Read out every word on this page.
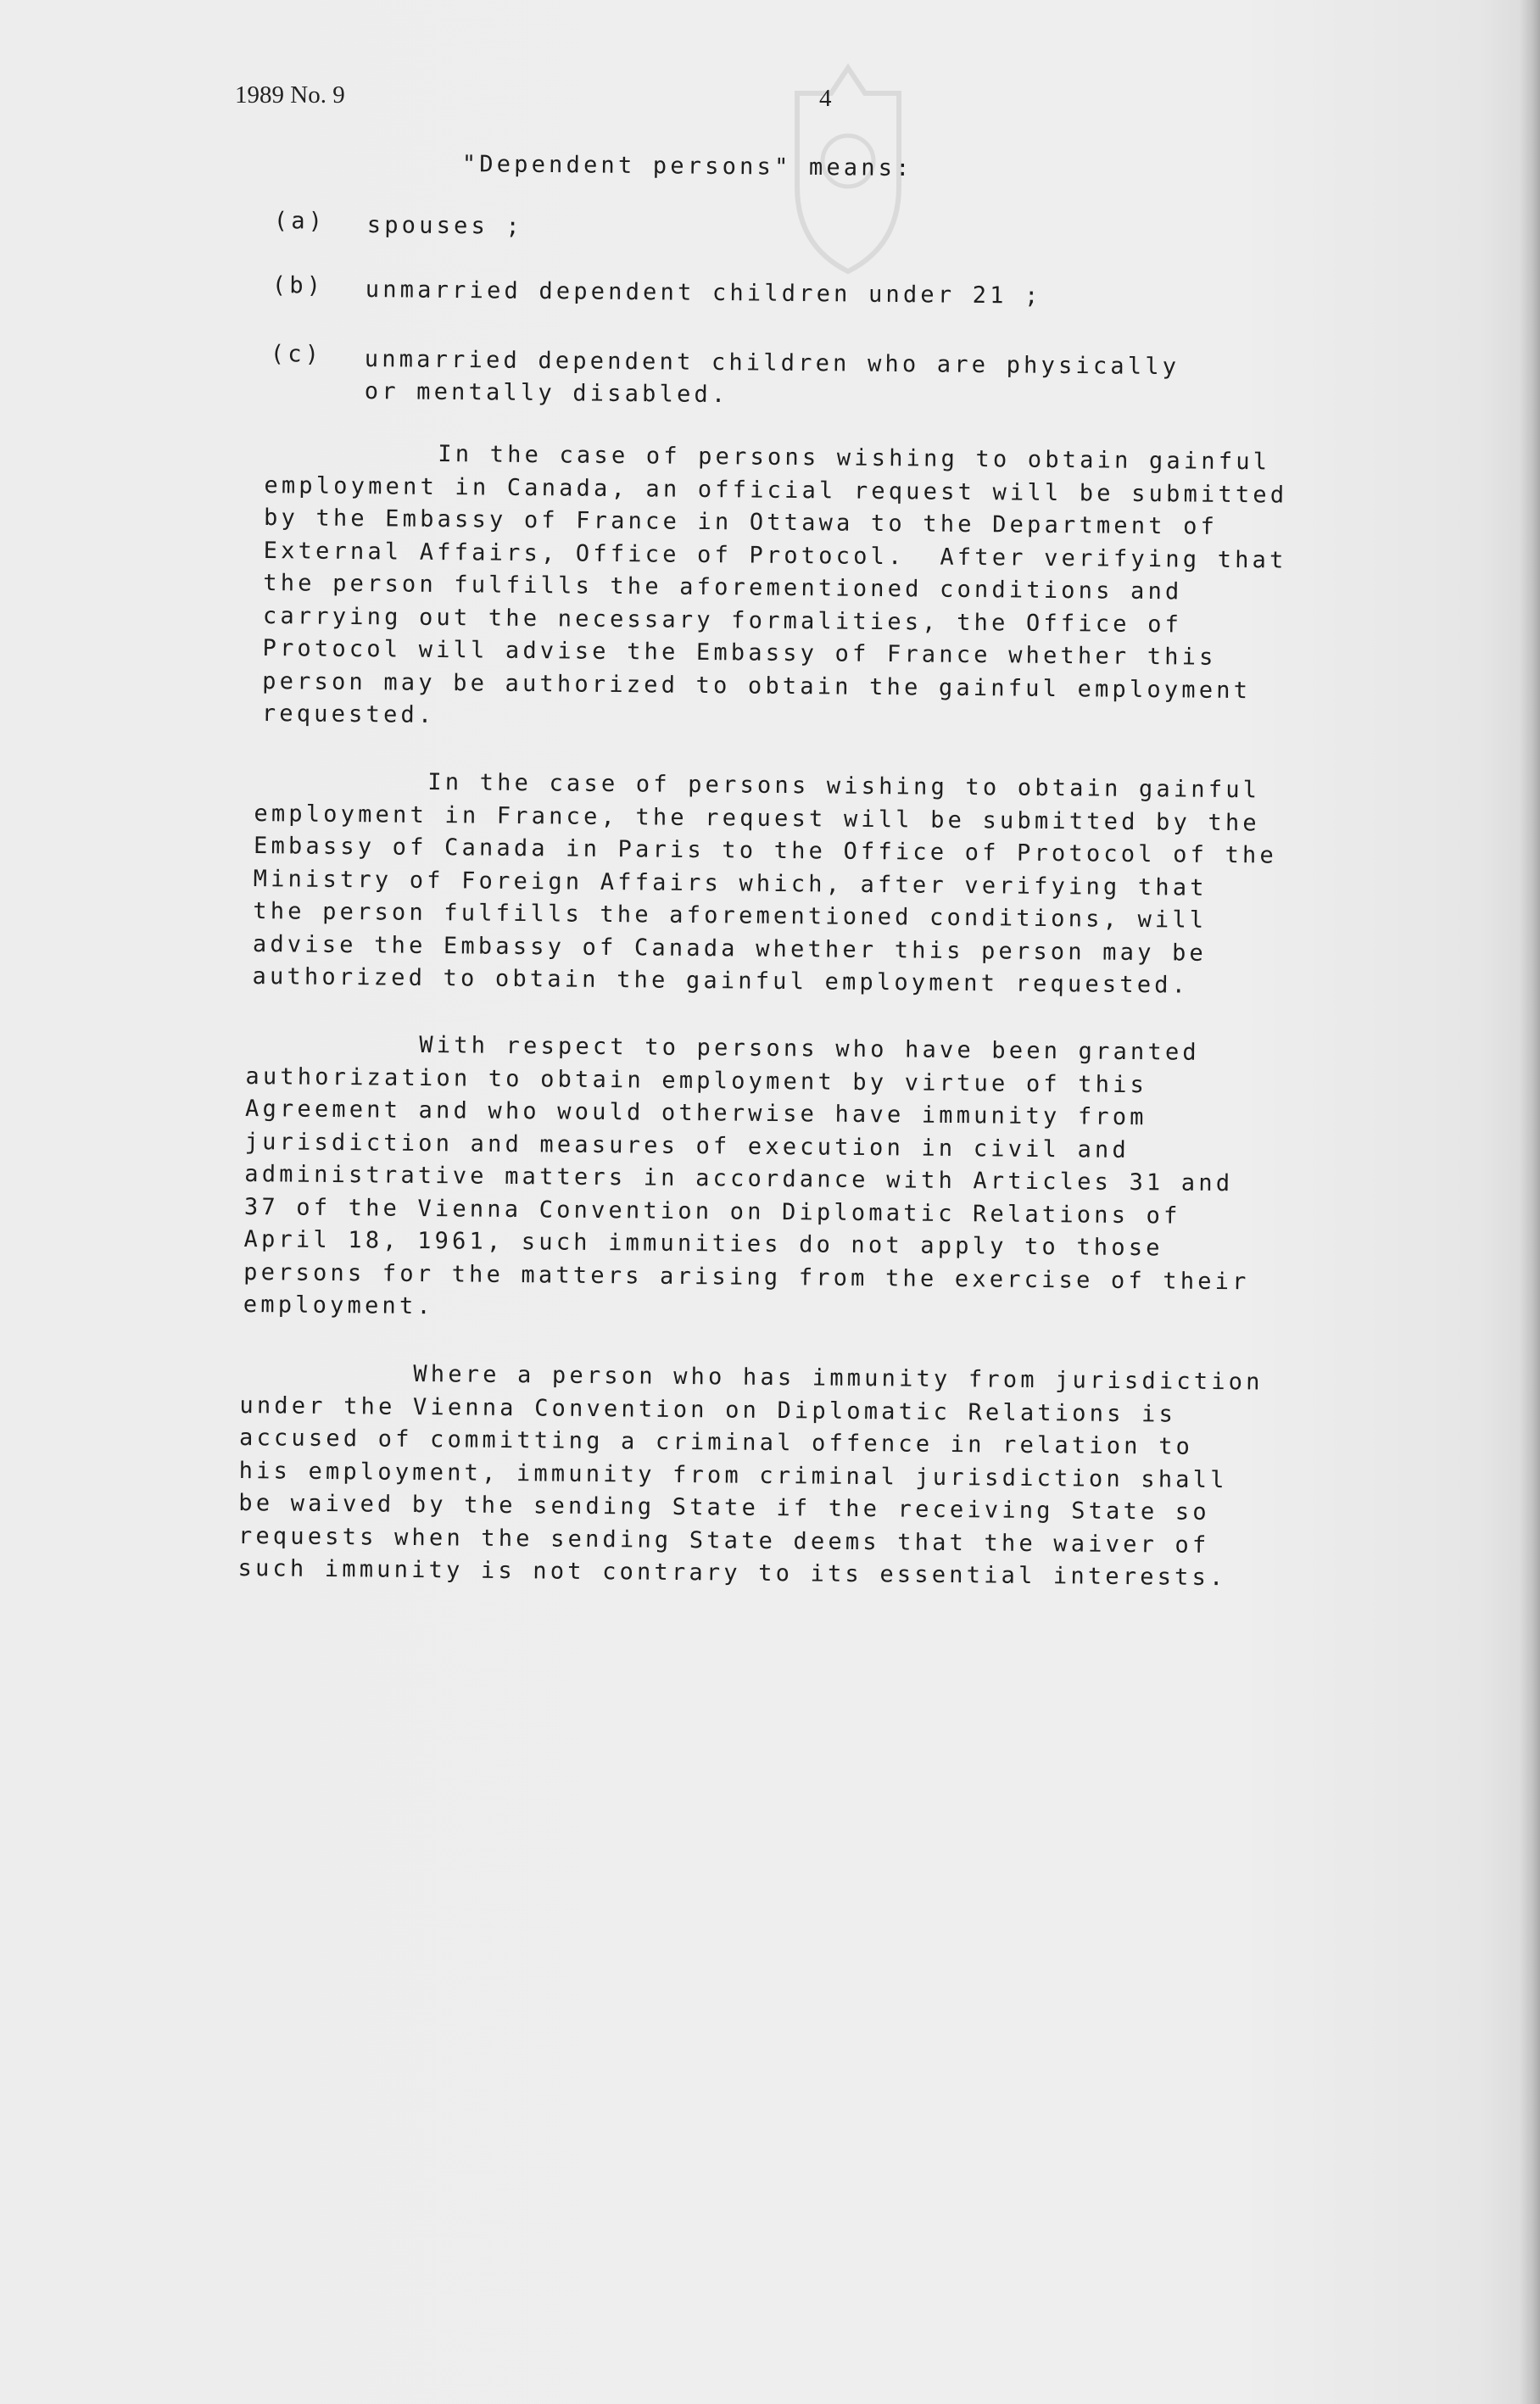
1989 No. 9	4
"Dependent persons" means:
(a) spouses ;
(b) unmarried dependent children under 21 ;
(c) unmarried dependent children who are physically
or mentally disabled.
In the case of persons wishing to obtain gainful
employment in Canada, an official request will be submitted
by the Embassy of France in Ottawa to the Department of
External Affairs, Office of Protocol.  After verifying that
the person fulfills the aforementioned conditions and
carrying out the necessary formalities, the Office of
Protocol will advise the Embassy of France whether this
person may be authorized to obtain the gainful employment
requested.
In the case of persons wishing to obtain gainful
employment in France, the request will be submitted by the
Embassy of Canada in Paris to the Office of Protocol of the
Ministry of Foreign Affairs which, after verifying that
the person fulfills the aforementioned conditions, will
advise the Embassy of Canada whether this person may be
authorized to obtain the gainful employment requested.
With respect to persons who have been granted
authorization to obtain employment by virtue of this
Agreement and who would otherwise have immunity from
jurisdiction and measures of execution in civil and
administrative matters in accordance with Articles 31 and
37 of the Vienna Convention on Diplomatic Relations of
April 18, 1961, such immunities do not apply to those
persons for the matters arising from the exercise of their
employment.
Where a person who has immunity from jurisdiction
under the Vienna Convention on Diplomatic Relations is
accused of committing a criminal offence in relation to
his employment, immunity from criminal jurisdiction shall
be waived by the sending State if the receiving State so
requests when the sending State deems that the waiver of
such immunity is not contrary to its essential interests.
